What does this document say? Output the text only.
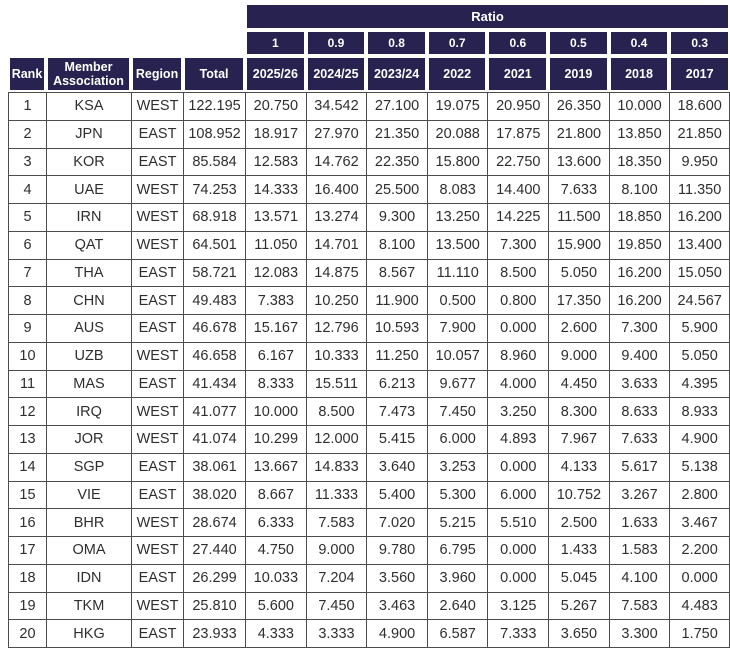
				Ratio							
				1	0.9	0.8	0.7	0.6	0.5	0.4	0.3
Rank	Member Association	Region	Total	2025/26	2024/25	2023/24	2022	2021	2019	2018	2017
1	KSA	WEST	122.195	20.750	34.542	27.100	19.075	20.950	26.350	10.000	18.600
2	JPN	EAST	108.952	18.917	27.970	21.350	20.088	17.875	21.800	13.850	21.850
3	KOR	EAST	85.584	12.583	14.762	22.350	15.800	22.750	13.600	18.350	9.950
4	UAE	WEST	74.253	14.333	16.400	25.500	8.083	14.400	7.633	8.100	11.350
5	IRN	WEST	68.918	13.571	13.274	9.300	13.250	14.225	11.500	18.850	16.200
6	QAT	WEST	64.501	11.050	14.701	8.100	13.500	7.300	15.900	19.850	13.400
7	THA	EAST	58.721	12.083	14.875	8.567	11.110	8.500	5.050	16.200	15.050
8	CHN	EAST	49.483	7.383	10.250	11.900	0.500	0.800	17.350	16.200	24.567
9	AUS	EAST	46.678	15.167	12.796	10.593	7.900	0.000	2.600	7.300	5.900
10	UZB	WEST	46.658	6.167	10.333	11.250	10.057	8.960	9.000	9.400	5.050
11	MAS	EAST	41.434	8.333	15.511	6.213	9.677	4.000	4.450	3.633	4.395
12	IRQ	WEST	41.077	10.000	8.500	7.473	7.450	3.250	8.300	8.633	8.933
13	JOR	WEST	41.074	10.299	12.000	5.415	6.000	4.893	7.967	7.633	4.900
14	SGP	EAST	38.061	13.667	14.833	3.640	3.253	0.000	4.133	5.617	5.138
15	VIE	EAST	38.020	8.667	11.333	5.400	5.300	6.000	10.752	3.267	2.800
16	BHR	WEST	28.674	6.333	7.583	7.020	5.215	5.510	2.500	1.633	3.467
17	OMA	WEST	27.440	4.750	9.000	9.780	6.795	0.000	1.433	1.583	2.200
18	IDN	EAST	26.299	10.033	7.204	3.560	3.960	0.000	5.045	4.100	0.000
19	TKM	WEST	25.810	5.600	7.450	3.463	2.640	3.125	5.267	7.583	4.483
20	HKG	EAST	23.933	4.333	3.333	4.900	6.587	7.333	3.650	3.300	1.750
